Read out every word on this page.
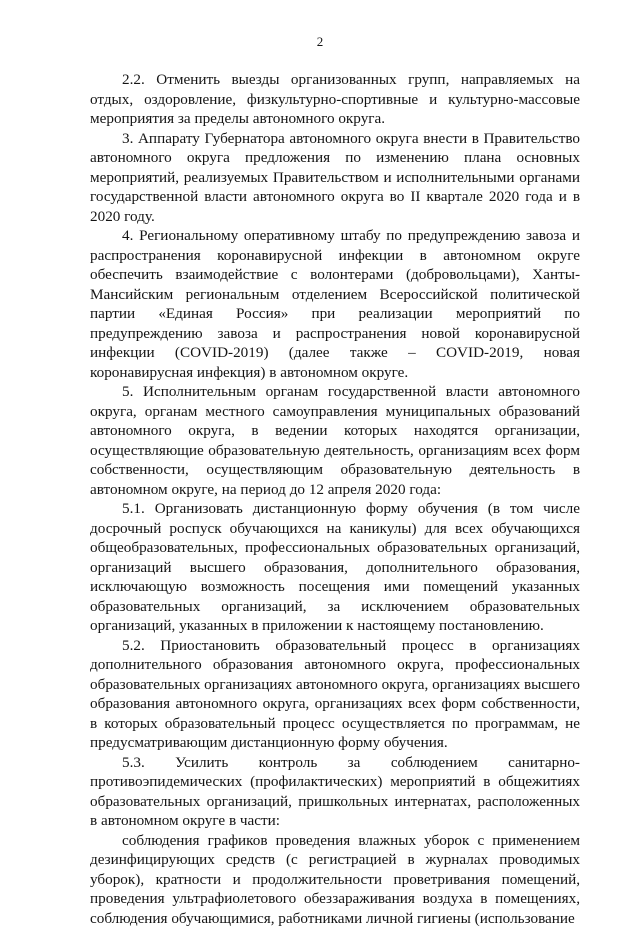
2

2.2. Отменить выезды организованных групп, направляемых на отдых, оздоровление, физкультурно-спортивные и культурно-массовые мероприятия за пределы автономного округа.

3. Аппарату Губернатора автономного округа внести в Правительство автономного округа предложения по изменению плана основных мероприятий, реализуемых Правительством и исполнительными органами государственной власти автономного округа во II квартале 2020 года и в 2020 году.

4. Региональному оперативному штабу по предупреждению завоза и распространения коронавирусной инфекции в автономном округе обеспечить взаимодействие с волонтерами (добровольцами), Ханты-Мансийским региональным отделением Всероссийской политической партии «Единая Россия» при реализации мероприятий по предупреждению завоза и распространения новой коронавирусной инфекции (COVID-2019) (далее также – COVID-2019, новая коронавирусная инфекция) в автономном округе.

5. Исполнительным органам государственной власти автономного округа, органам местного самоуправления муниципальных образований автономного округа, в ведении которых находятся организации, осуществляющие образовательную деятельность, организациям всех форм собственности, осуществляющим образовательную деятельность в автономном округе, на период до 12 апреля 2020 года:

5.1. Организовать дистанционную форму обучения (в том числе досрочный роспуск обучающихся на каникулы) для всех обучающихся общеобразовательных, профессиональных образовательных организаций, организаций высшего образования, дополнительного образования, исключающую возможность посещения ими помещений указанных образовательных организаций, за исключением образовательных организаций, указанных в приложении к настоящему постановлению.

5.2. Приостановить образовательный процесс в организациях дополнительного образования автономного округа, профессиональных образовательных организациях автономного округа, организациях высшего образования автономного округа, организациях всех форм собственности, в которых образовательный процесс осуществляется по программам, не предусматривающим дистанционную форму обучения.

5.3. Усилить контроль за соблюдением санитарно-противоэпидемических (профилактических) мероприятий в общежитиях образовательных организаций, пришкольных интернатах, расположенных в автономном округе в части:

соблюдения графиков проведения влажных уборок с применением дезинфицирующих средств (с регистрацией в журналах проводимых уборок), кратности и продолжительности проветривания помещений, проведения ультрафиолетового обеззараживания воздуха в помещениях, соблюдения обучающимися, работниками личной гигиены (использование
